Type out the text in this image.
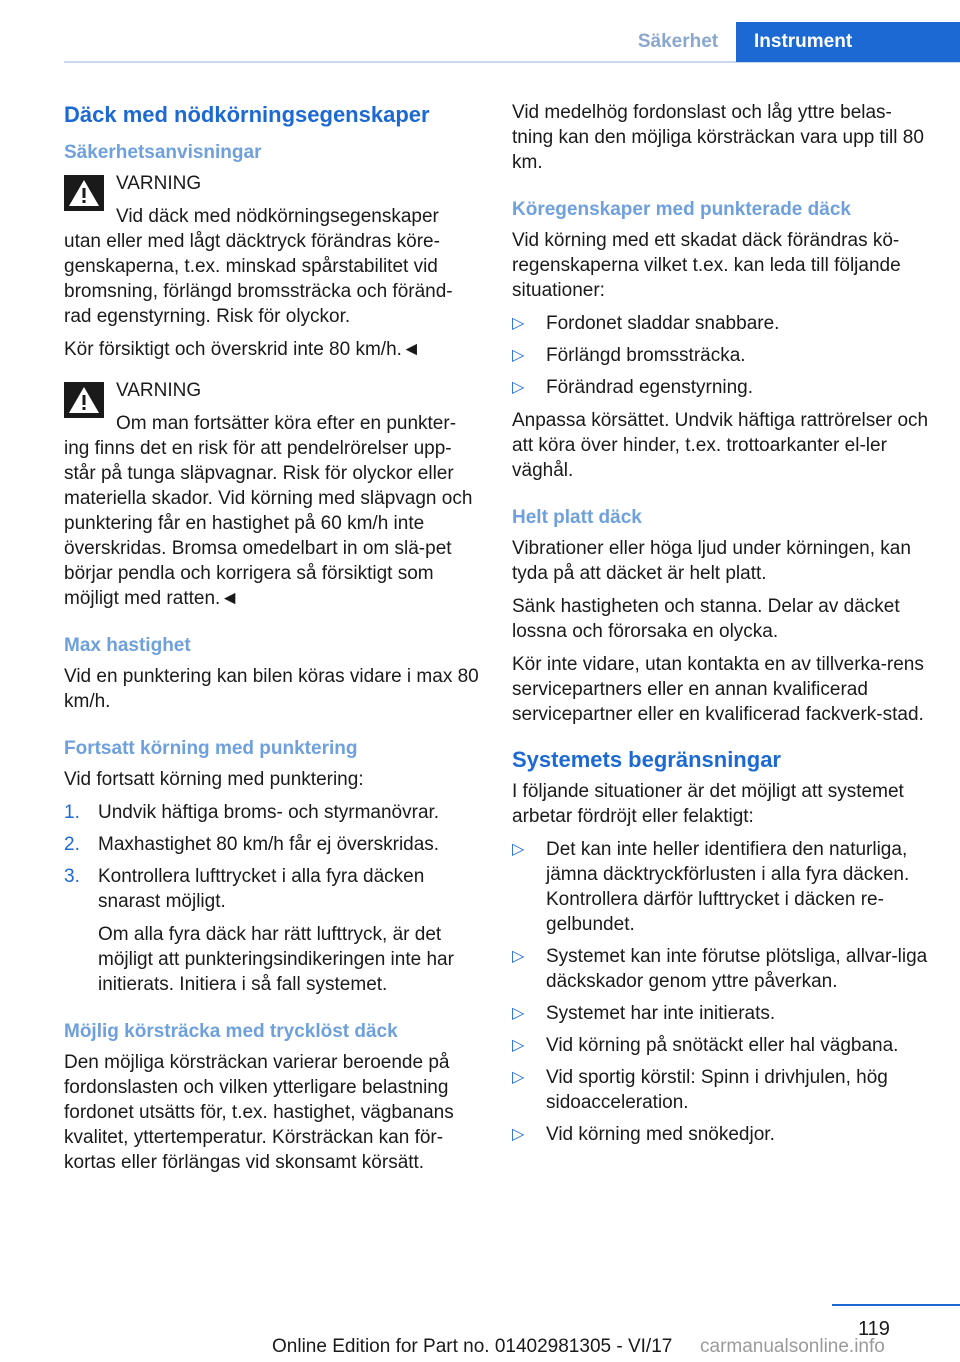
Säkerhet	Instrument
Däck med nödkörningsegenskaper
Säkerhetsanvisningar
VARNING

Vid däck med nödkörningsegenskaper

utan eller med lågt däcktryck förändras köre-genskaperna, t.ex. minskad spårstabilitet vid bromsning, förlängd bromssträcka och föränd-rad egenstyrning. Risk för olyckor.

Kör försiktigt och överskrid inte 80 km/h.◄

VARNING

Om man fortsätter köra efter en punkter-

ing finns det en risk för att pendelrörelser upp-står på tunga släpvagnar. Risk för olyckor eller materiella skador. Vid körning med släpvagn och punktering får en hastighet på 60 km/h inte överskridas. Bromsa omedelbart in om slä-pet börjar pendla och korrigera så försiktigt som möjligt med ratten.◄

Max hastighet

Vid en punktering kan bilen köras vidare i max 80 km/h.

Fortsatt körning med punktering

Vid fortsatt körning med punktering:

1. Undvik häftiga broms- och styrmanövrar.
2. Maxhastighet 80 km/h får ej överskridas.
3. Kontrollera lufttrycket i alla fyra däcken snarast möjligt.
Om alla fyra däck har rätt lufttryck, är det möjligt att punkteringsindikeringen inte har initierats. Initiera i så fall systemet.
Möjlig körsträcka med trycklöst däck

Den möjliga körsträckan varierar beroende på fordonslasten och vilken ytterligare belastning fordonet utsätts för, t.ex. hastighet, vägbanans kvalitet, yttertemperatur. Körsträckan kan för-kortas eller förlängas vid skonsamt körsätt.

Vid medelhög fordonslast och låg yttre belas-tning kan den möjliga körsträckan vara upp till 80 km.

Köregenskaper med punkterade däck

Vid körning med ett skadat däck förändras kö-regenskaperna vilket t.ex. kan leda till följande situationer:

▷ Fordonet sladdar snabbare.
▷ Förlängd bromssträcka.
▷ Förändrad egenstyrning.

Anpassa körsättet. Undvik häftiga rattrörelser och att köra över hinder, t.ex. trottoarkanter el-ler väghål.

Helt platt däck

Vibrationer eller höga ljud under körningen, kan tyda på att däcket är helt platt.

Sänk hastigheten och stanna. Delar av däcket lossna och förorsaka en olycka.

Kör inte vidare, utan kontakta en av tillverka-rens servicepartners eller en annan kvalificerad servicepartner eller en kvalificerad fackverk-stad.

Systemets begränsningar

I följande situationer är det möjligt att systemet arbetar fördröjt eller felaktigt:

▷ Det kan inte heller identifiera den naturliga, jämna däcktryckförlusten i alla fyra däcken. Kontrollera därför lufttrycket i däcken re-gelbundet.
▷ Systemet kan inte förutse plötsliga, allvar-liga däckskador genom yttre påverkan.
▷ Systemet har inte initierats.
▷ Vid körning på snötäckt eller hal vägbana.
▷ Vid sportig körstil: Spinn i drivhjulen, hög sidoacceleration.
▷ Vid körning med snökedjor.
119
Online Edition for Part no. 01402981305 - VI/17 carmanualsonline.info
